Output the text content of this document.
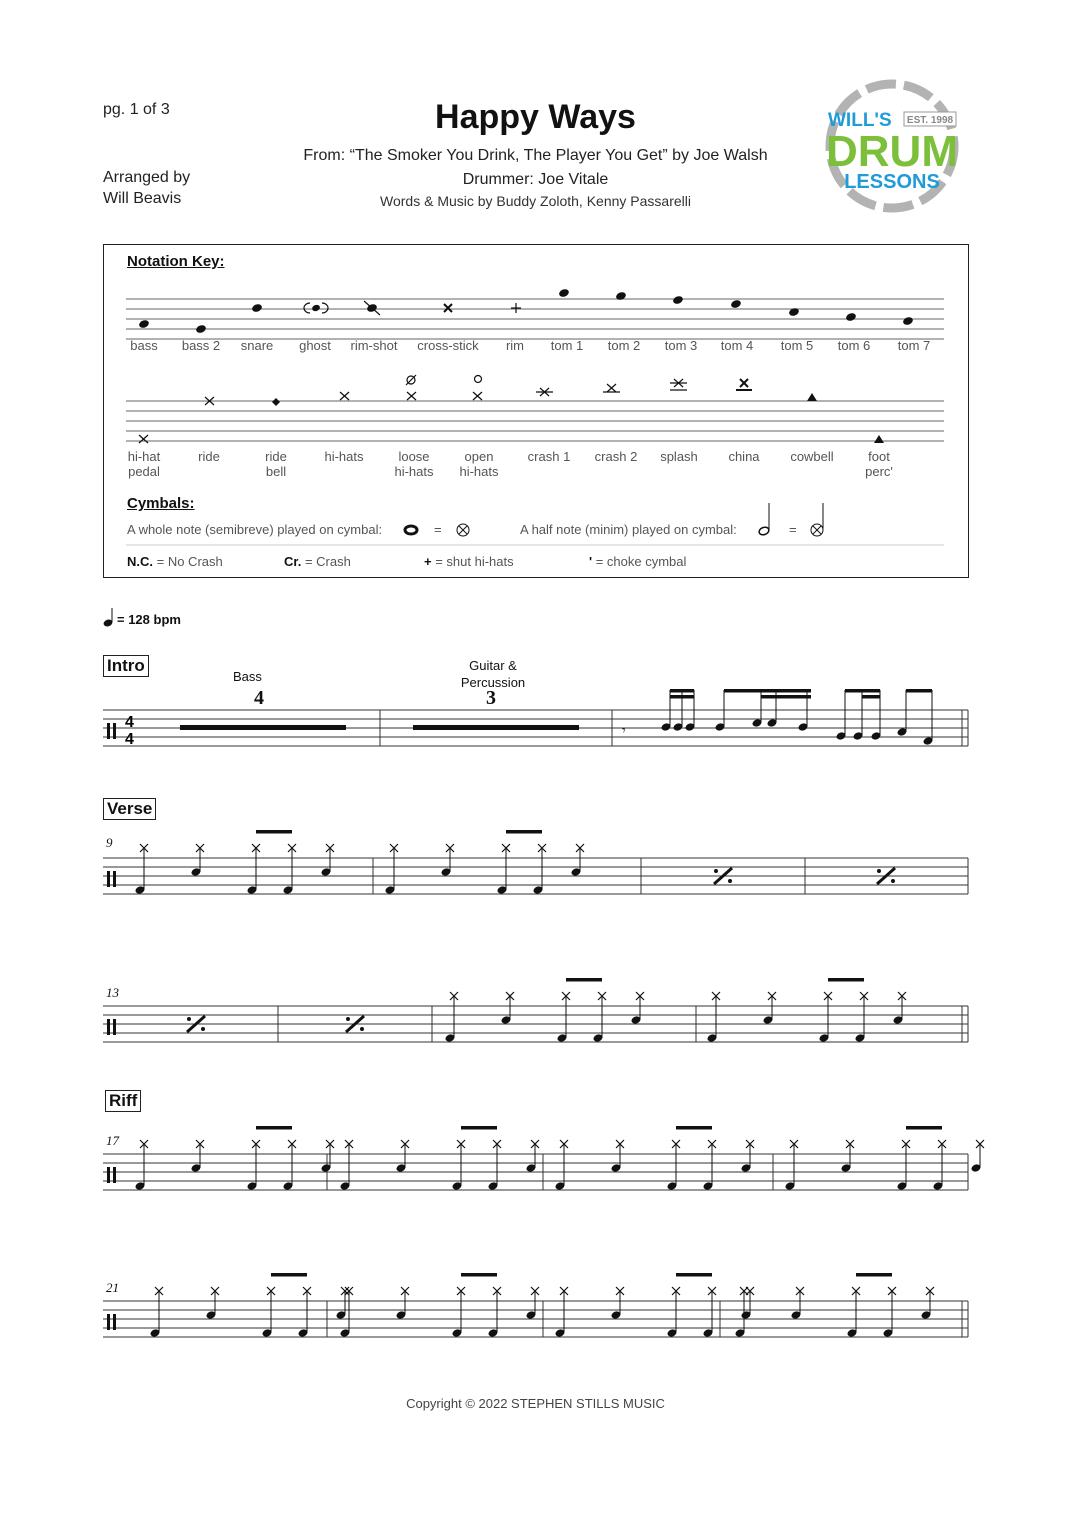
pg. 1 of 3	Happy Ways
From: “The Smoker You Drink, The Player You Get” by Joe Walsh
Drummer: Joe Vitale
Words & Music by Buddy Zoloth, Kenny Passarelli
Arranged by
Will Beavis
EST. 1998
WILL'S
DRUM
LESSONS
Notation Key:
bass	bass 2	snare	ghost	rim-shot	cross-stick	rim	tom 1	tom 2	tom 3	tom 4	tom 5	tom 6	tom 7
hi-hat
pedal
ride	ride
bell
hi-hats	loose
hi-hats
open
hi-hats
crash 1	crash 2	splash	china	cowbell	foot
perc'
Cymbals:
A whole note (semibreve) played on cymbal:	=	A half note (minim) played on cymbal:	=
N.C. = No Crash	Cr. = Crash	+ = shut hi-hats	' = choke cymbal
= 128 bpm
Intro
Verse
Riff
9
13
17
21
Bass
4
Guitar &
Percussion
3
4
4
𝄾
Copyright © 2022 STEPHEN STILLS MUSIC
